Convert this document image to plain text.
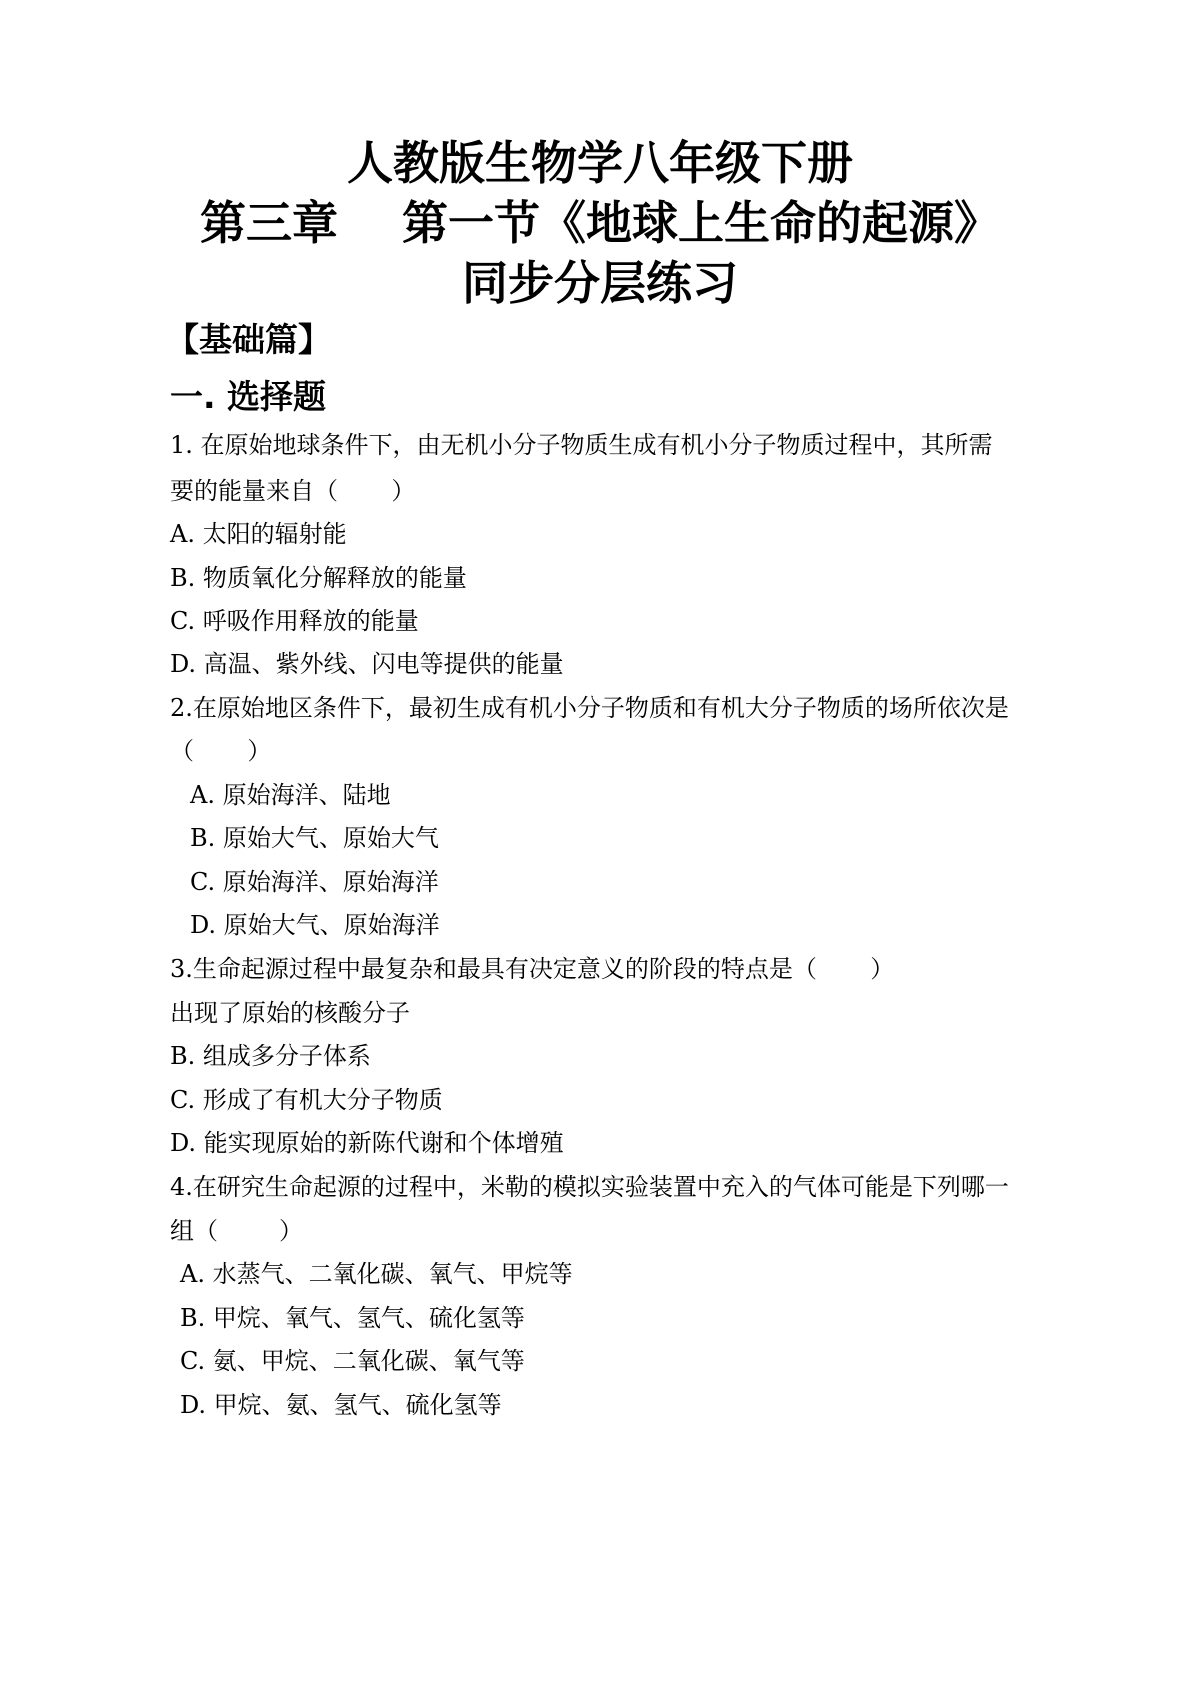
人教版生物学八年级下册
第三章    第一节《地球上生命的起源》
同步分层练习
【基础篇】
一. 选择题
1. 在原始地球条件下，由无机小分子物质生成有机小分子物质过程中，其所需
要的能量来自（       ）
A. 太阳的辐射能
B. 物质氧化分解释放的能量
C. 呼吸作用释放的能量
D. 高温、紫外线、闪电等提供的能量
2.在原始地区条件下，最初生成有机小分子物质和有机大分子物质的场所依次是
（       ）
A. 原始海洋、陆地
B. 原始大气、原始大气
C. 原始海洋、原始海洋
D. 原始大气、原始海洋
3.生命起源过程中最复杂和最具有决定意义的阶段的特点是（       ）
出现了原始的核酸分子
B. 组成多分子体系
C. 形成了有机大分子物质
D. 能实现原始的新陈代谢和个体增殖
4.在研究生命起源的过程中，米勒的模拟实验装置中充入的气体可能是下列哪一
组（        ）
A. 水蒸气、二氧化碳、氧气、甲烷等
B. 甲烷、氧气、氢气、硫化氢等
C. 氨、甲烷、二氧化碳、氧气等
D. 甲烷、氨、氢气、硫化氢等
